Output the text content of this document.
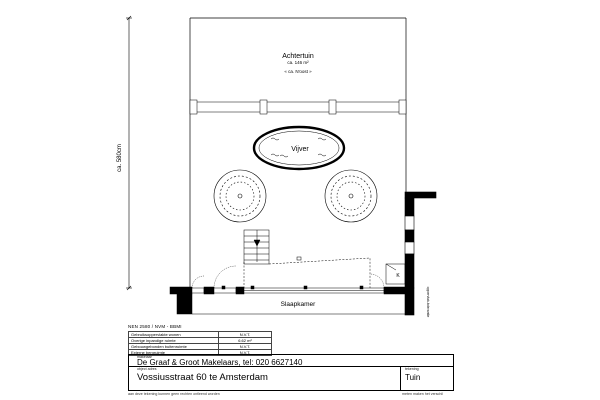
ca. 580cm
Achtertuin
ca. 146 m²
« ca. N'oost »
Vijver
K
Slaapkamer	oppervlak-tolerantie
NEN 2580 / NVM - BBMI
Gebruiksoppervlakte wonen	N.V.T.
Overige inpandige ruimte	6.62 m²
Gebouwgebonden buitenruimte	N.V.T.
Externe bergruimte	N.V.T.
makelaar
De Graaf & Groot Makelaars, tel: 020 6627140
object adres
Vossiusstraat 60 te Amsterdam
tekening
Tuin
aan deze tekening kunnen geen rechten ontleend worden	meten maken het verschil
